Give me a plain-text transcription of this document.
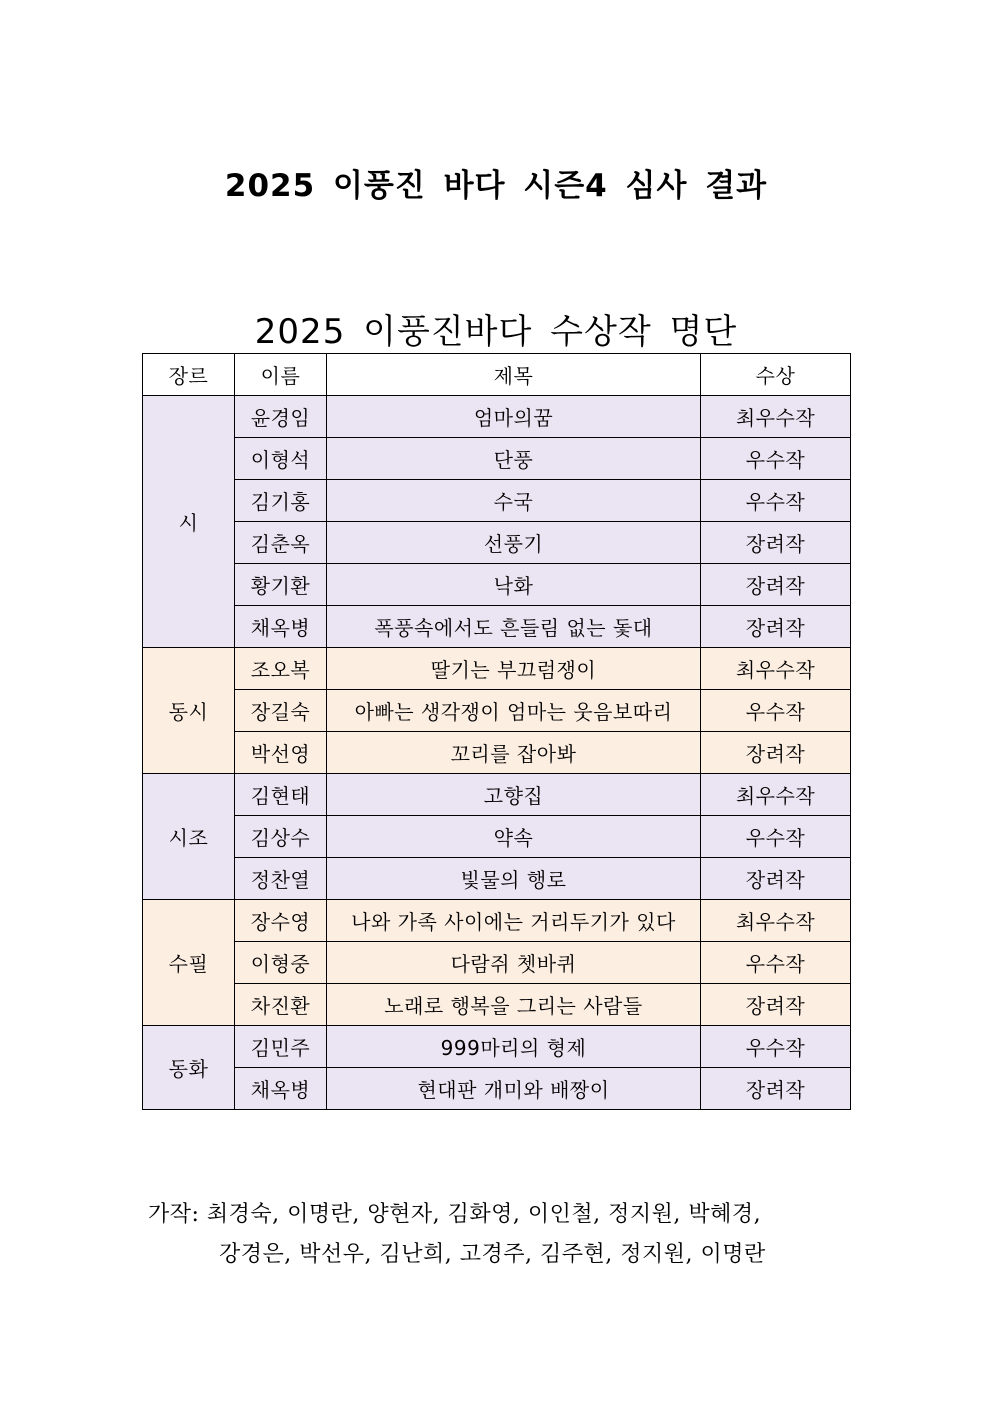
2025 이풍진 바다 시즌4 심사 결과
2025 이풍진바다 수상작 명단
장르	이름	제목	수상
시	윤경임	엄마의꿈	최우수작
	이형석	단풍	우수작
	김기홍	수국	우수작
	김춘옥	선풍기	장려작
	황기환	낙화	장려작
	채옥병	폭풍속에서도 흔들림 없는 돛대	장려작
동시	조오복	딸기는 부끄럼쟁이	최우수작
	장길숙	아빠는 생각쟁이 엄마는 웃음보따리	우수작
	박선영	꼬리를 잡아봐	장려작
시조	김현태	고향집	최우수작
	김상수	약속	우수작
	정찬열	빛물의 행로	장려작
수필	장수영	나와 가족 사이에는 거리두기가 있다	최우수작
	이형중	다람쥐 쳇바퀴	우수작
	차진환	노래로 행복을 그리는 사람들	장려작
동화	김민주	999마리의 형제	우수작
	채옥병	현대판 개미와 배짱이	장려작
가작: 최경숙, 이명란, 양현자, 김화영, 이인철, 정지원, 박혜경,
강경은, 박선우, 김난희, 고경주, 김주현, 정지원, 이명란
